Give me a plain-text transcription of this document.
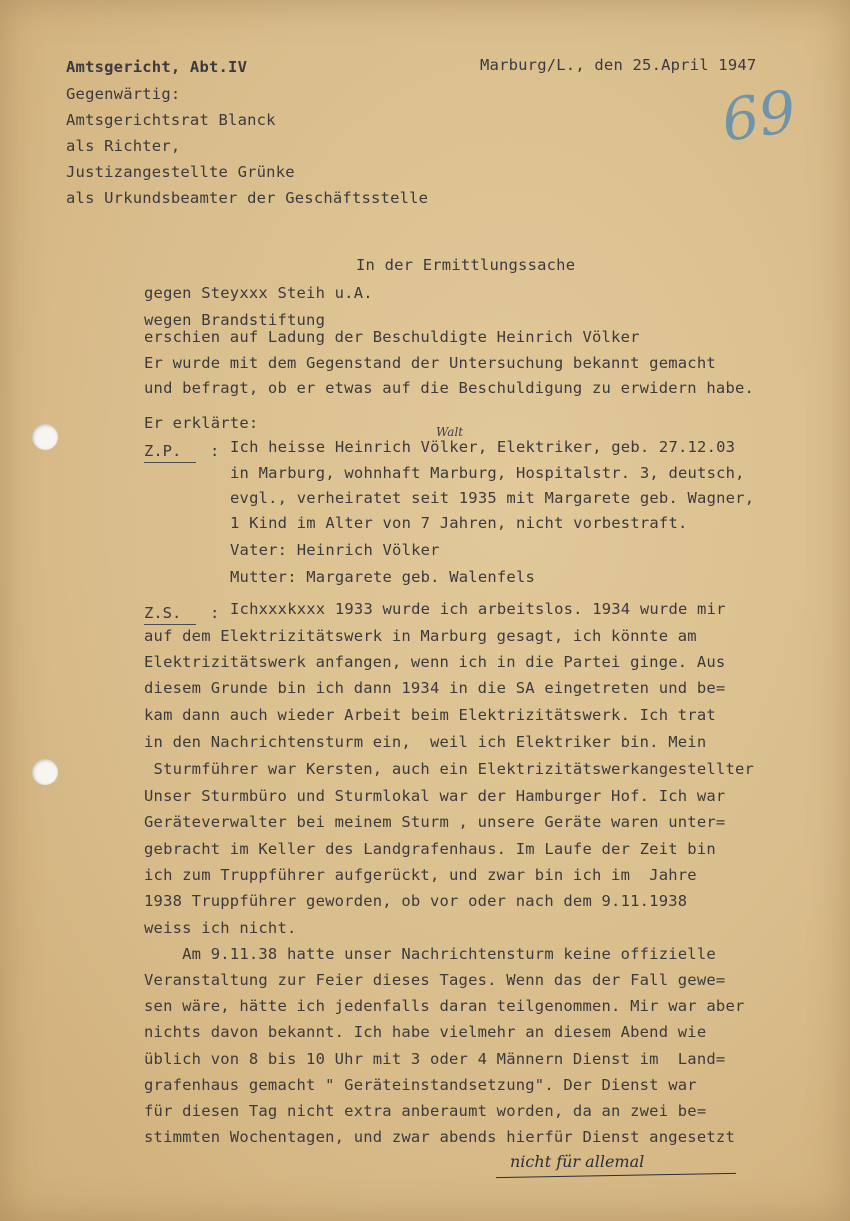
69
Amtsgericht, Abt.IV	Marburg/L., den 25.April 1947
Gegenwärtig:
Amtsgerichtsrat Blanck
als Richter,
Justizangestellte Grünke
als Urkundsbeamter der Geschäftsstelle
In der Ermittlungssache
gegen Steyxxx Steih u.A.
wegen Brandstiftung
erschien auf Ladung der Beschuldigte Heinrich Völker
Er wurde mit dem Gegenstand der Untersuchung bekannt gemacht
und befragt, ob er etwas auf die Beschuldigung zu erwidern habe.
Er erklärte:
Z.P. :
Walt
Ich heisse Heinrich Völker, Elektriker, geb. 27.12.03
in Marburg, wohnhaft Marburg, Hospitalstr. 3, deutsch,
evgl., verheiratet seit 1935 mit Margarete geb. Wagner,
1 Kind im Alter von 7 Jahren, nicht vorbestraft.
Vater: Heinrich Völker
Mutter: Margarete geb. Walenfels
Z.S. : Ichxxxkxxx 1933 wurde ich arbeitslos. 1934 wurde mir
auf dem Elektrizitätswerk in Marburg gesagt, ich könnte am
Elektrizitätswerk anfangen, wenn ich in die Partei ginge. Aus
diesem Grunde bin ich dann 1934 in die SA eingetreten und be=
kam dann auch wieder Arbeit beim Elektrizitätswerk. Ich trat
in den Nachrichtensturm ein,  weil ich Elektriker bin. Mein
Sturmführer war Kersten, auch ein Elektrizitätswerkangestellter
Unser Sturmbüro und Sturmlokal war der Hamburger Hof. Ich war
Geräteverwalter bei meinem Sturm , unsere Geräte waren unter=
gebracht im Keller des Landgrafenhaus. Im Laufe der Zeit bin
ich zum Truppführer aufgerückt, und zwar bin ich im  Jahre
1938 Truppführer geworden, ob vor oder nach dem 9.11.1938
weiss ich nicht.
Am 9.11.38 hatte unser Nachrichtensturm keine offizielle
Veranstaltung zur Feier dieses Tages. Wenn das der Fall gewe=
sen wäre, hätte ich jedenfalls daran teilgenommen. Mir war aber
nichts davon bekannt. Ich habe vielmehr an diesem Abend wie
üblich von 8 bis 10 Uhr mit 3 oder 4 Männern Dienst im  Land=
grafenhaus gemacht " Geräteinstandsetzung". Der Dienst war
für diesen Tag nicht extra anberaumt worden, da an zwei be=
stimmten Wochentagen, und zwar abends hierfür Dienst angesetzt
nicht für allemal
